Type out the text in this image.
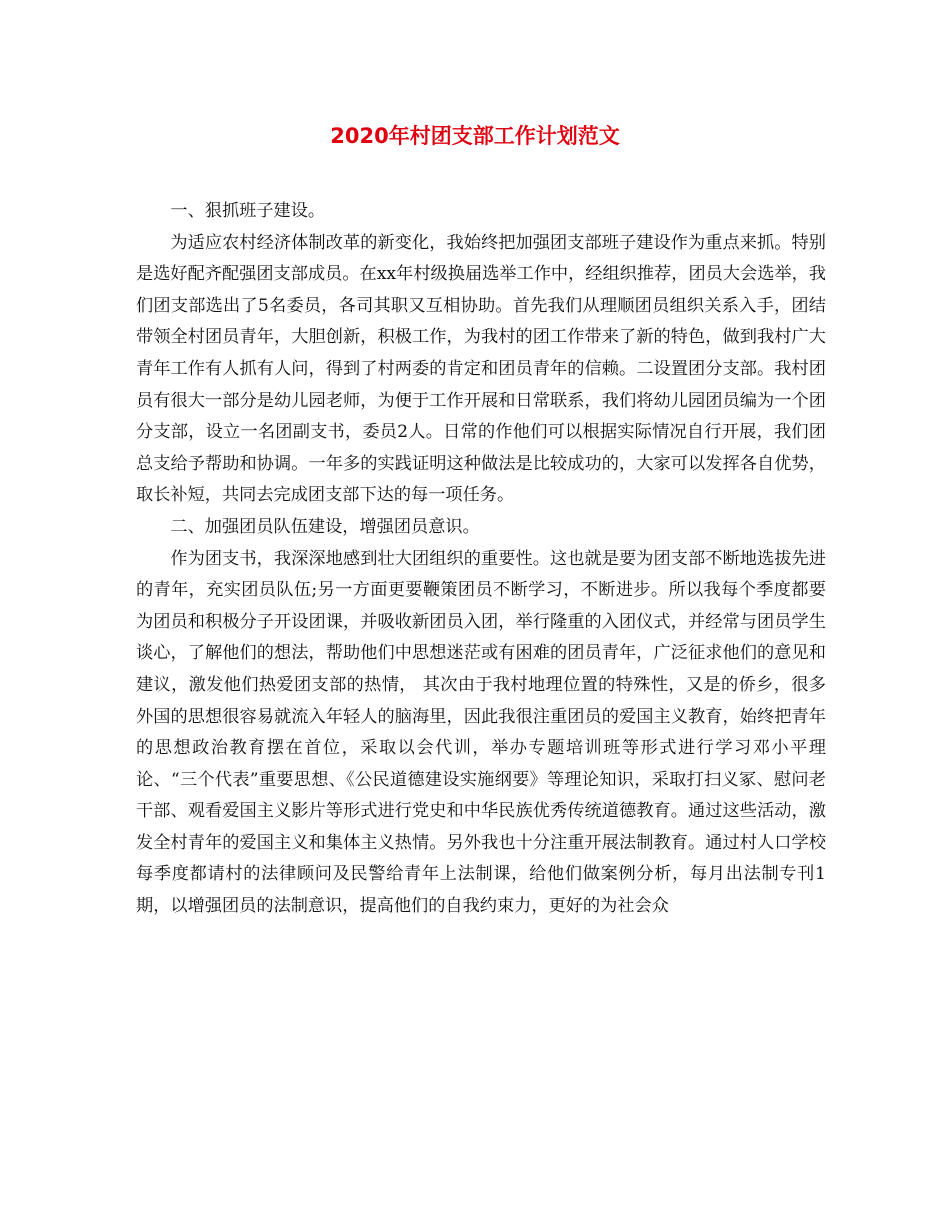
2020年村团支部工作计划范文

一、狠抓班子建设。

为适应农村经济体制改革的新变化，我始终把加强团支部班子建设作为重点来抓。特别是选好配齐配强团支部成员。在xx年村级换届选举工作中，经组织推荐，团员大会选举，我们团支部选出了5名委员，各司其职又互相协助。首先我们从理顺团员组织关系入手，团结带领全村团员青年，大胆创新，积极工作，为我村的团工作带来了新的特色，做到我村广大青年工作有人抓有人问，得到了村两委的肯定和团员青年的信赖。二设置团分支部。我村团员有很大一部分是幼儿园老师，为便于工作开展和日常联系，我们将幼儿园团员编为一个团分支部，设立一名团副支书，委员2人。日常的作他们可以根据实际情况自行开展，我们团总支给予帮助和协调。一年多的实践证明这种做法是比较成功的，大家可以发挥各自优势，取长补短，共同去完成团支部下达的每一项任务。

二、加强团员队伍建设，增强团员意识。

作为团支书，我深深地感到壮大团组织的重要性。这也就是要为团支部不断地选拔先进的青年，充实团员队伍;另一方面更要鞭策团员不断学习，不断进步。所以我每个季度都要为团员和积极分子开设团课，并吸收新团员入团，举行隆重的入团仪式，并经常与团员学生谈心，了解他们的想法，帮助他们中思想迷茫或有困难的团员青年，广泛征求他们的意见和建议，激发他们热爱团支部的热情， 其次由于我村地理位置的特殊性，又是的侨乡，很多外国的思想很容易就流入年轻人的脑海里，因此我很注重团员的爱国主义教育，始终把青年的思想政治教育摆在首位，采取以会代训，举办专题培训班等形式进行学习邓小平理论、“三个代表”重要思想、《公民道德建设实施纲要》等理论知识，采取打扫义冢、慰问老干部、观看爱国主义影片等形式进行党史和中华民族优秀传统道德教育。通过这些活动，激发全村青年的爱国主义和集体主义热情。另外我也十分注重开展法制教育。通过村人口学校每季度都请村的法律顾问及民警给青年上法制课，给他们做案例分析，每月出法制专刊1期，以增强团员的法制意识，提高他们的自我约束力，更好的为社会众
